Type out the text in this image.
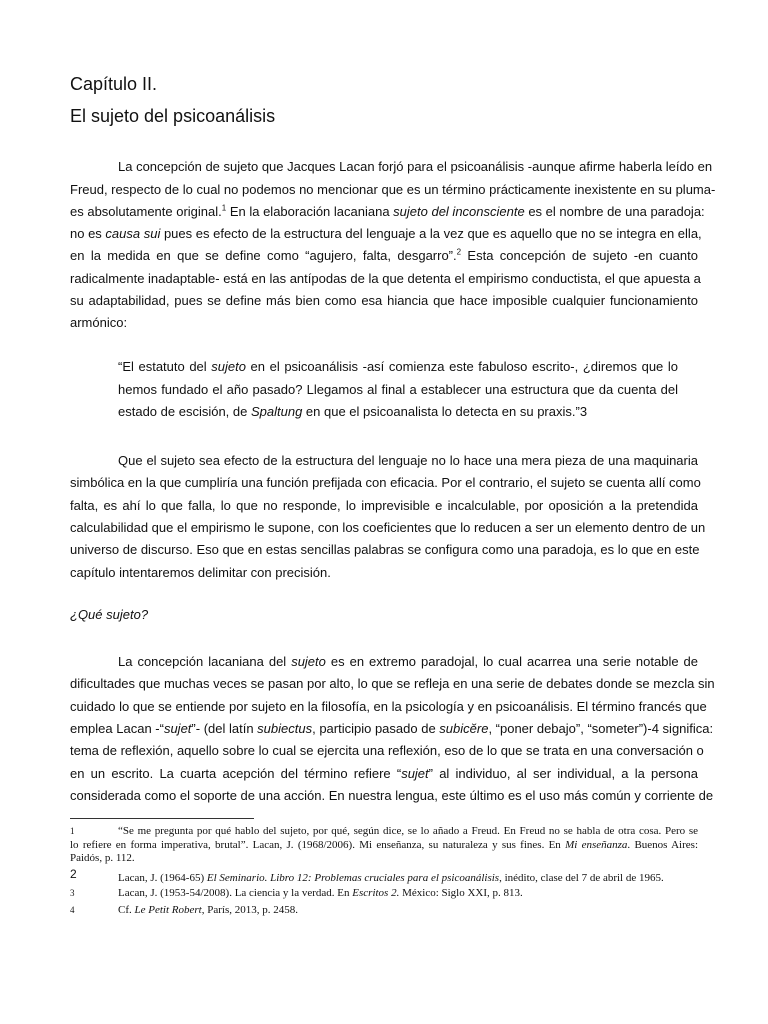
Capítulo II.
El sujeto del psicoanálisis
La concepción de sujeto que Jacques Lacan forjó para el psicoanálisis -aunque afirme haberla leído en
Freud, respecto de lo cual no podemos no mencionar que es un término prácticamente inexistente en su pluma-
es absolutamente original.$^1$ En la elaboración lacaniana sujeto del inconsciente es el nombre de una paradoja:
no es causa sui pues es efecto de la estructura del lenguaje a la vez que es aquello que no se integra en ella,
en la medida en que se define como “agujero, falta, desgarro”.$^2$ Esta concepción de sujeto -en cuanto
radicalmente inadaptable- está en las antípodas de la que detenta el empirismo conductista, el que apuesta a
su adaptabilidad, pues se define más bien como esa hiancia que hace imposible cualquier funcionamiento
armónico:
“El estatuto del sujeto en el psicoanálisis -así comienza este fabuloso escrito-, ¿diremos que lo
hemos fundado el año pasado? Llegamos al final a establecer una estructura que da cuenta del
estado de escisión, de Spaltung en que el psicoanalista lo detecta en su praxis.”3
Que el sujeto sea efecto de la estructura del lenguaje no lo hace una mera pieza de una maquinaria
simbólica en la que cumpliría una función prefijada con eficacia. Por el contrario, el sujeto se cuenta allí como
falta, es ahí lo que falla, lo que no responde, lo imprevisible e incalculable, por oposición a la pretendida
calculabilidad que el empirismo le supone, con los coeficientes que lo reducen a ser un elemento dentro de un
universo de discurso. Eso que en estas sencillas palabras se configura como una paradoja, es lo que en este
capítulo intentaremos delimitar con precisión.
¿Qué sujeto?
La concepción lacaniana del sujeto es en extremo paradojal, lo cual acarrea una serie notable de
dificultades que muchas veces se pasan por alto, lo que se refleja en una serie de debates donde se mezcla sin
cuidado lo que se entiende por sujeto en la filosofía, en la psicología y en psicoanálisis. El término francés que
emplea Lacan -“sujet”- (del latín subiectus, participio pasado de subicĕre, “poner debajo”, “someter”)-4 significa:
tema de reflexión, aquello sobre lo cual se ejercita una reflexión, eso de lo que se trata en una conversación o
en un escrito. La cuarta acepción del término refiere “sujet” al individuo, al ser individual, a la persona
considerada como el soporte de una acción. En nuestra lengua, este último es el uso más común y corriente de
1	“Se me pregunta por qué hablo del sujeto, por qué, según dice, se lo añado a Freud. En Freud no se habla de otra cosa. Pero se
lo refiere en forma imperativa, brutal”. Lacan, J. (1968/2006). Mi enseñanza, su naturaleza y sus fines. En Mi enseñanza. Buenos Aires:
Paidós, p. 112.
2	Lacan, J. (1964-65) El Seminario. Libro 12: Problemas cruciales para el psicoanálisis, inédito, clase del 7 de abril de 1965.
3	Lacan, J. (1953-54/2008). La ciencia y la verdad. En Escritos 2. México: Siglo XXI, p. 813.
4	Cf. Le Petit Robert, París, 2013, p. 2458.
